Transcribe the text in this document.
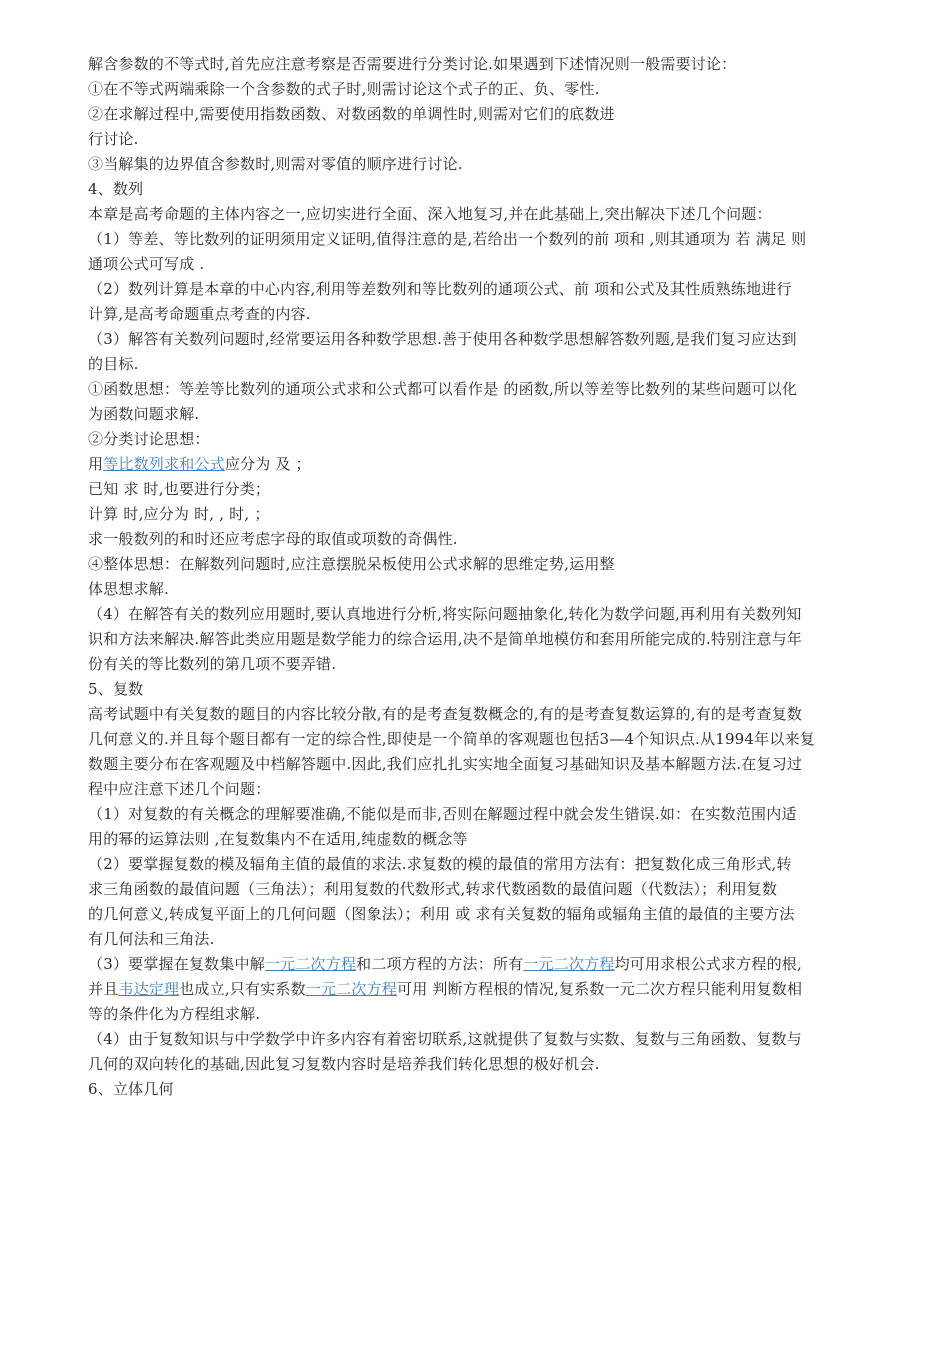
解含参数的不等式时,首先应注意考察是否需要进行分类讨论.如果遇到下述情况则一般需要讨论：
①在不等式两端乘除一个含参数的式子时,则需讨论这个式子的正、负、零性.
②在求解过程中,需要使用指数函数、对数函数的单调性时,则需对它们的底数进
行讨论.
③当解集的边界值含参数时,则需对零值的顺序进行讨论.
4、数列
本章是高考命题的主体内容之一,应切实进行全面、深入地复习,并在此基础上,突出解决下述几个问题：
（1）等差、等比数列的证明须用定义证明,值得注意的是,若给出一个数列的前 项和 ,则其通项为 若 满足 则
通项公式可写成 .
（2）数列计算是本章的中心内容,利用等差数列和等比数列的通项公式、前 项和公式及其性质熟练地进行
计算,是高考命题重点考查的内容.
（3）解答有关数列问题时,经常要运用各种数学思想.善于使用各种数学思想解答数列题,是我们复习应达到
的目标.
①函数思想：等差等比数列的通项公式求和公式都可以看作是 的函数,所以等差等比数列的某些问题可以化
为函数问题求解.
②分类讨论思想：
用等比数列求和公式应分为 及 ；
已知 求 时,也要进行分类；
计算 时,应分为 时, , 时, ；
求一般数列的和时还应考虑字母的取值或项数的奇偶性.
④整体思想：在解数列问题时,应注意摆脱呆板使用公式求解的思维定势,运用整
体思想求解.
（4）在解答有关的数列应用题时,要认真地进行分析,将实际问题抽象化,转化为数学问题,再利用有关数列知
识和方法来解决.解答此类应用题是数学能力的综合运用,决不是简单地模仿和套用所能完成的.特别注意与年
份有关的等比数列的第几项不要弄错.
5、复数
高考试题中有关复数的题目的内容比较分散,有的是考查复数概念的,有的是考查复数运算的,有的是考查复数
几何意义的.并且每个题目都有一定的综合性,即使是一个简单的客观题也包括3—4个知识点.从1994年以来复
数题主要分布在客观题及中档解答题中.因此,我们应扎扎实实地全面复习基础知识及基本解题方法.在复习过
程中应注意下述几个问题：
（1）对复数的有关概念的理解要准确,不能似是而非,否则在解题过程中就会发生错误.如：在实数范围内适
用的幂的运算法则 ,在复数集内不在适用,纯虚数的概念等
（2）要掌握复数的模及辐角主值的最值的求法.求复数的模的最值的常用方法有：把复数化成三角形式,转
求三角函数的最值问题（三角法）；利用复数的代数形式,转求代数函数的最值问题（代数法）；利用复数
的几何意义,转成复平面上的几何问题（图象法）；利用 或 求有关复数的辐角或辐角主值的最值的主要方法
有几何法和三角法.
（3）要掌握在复数集中解一元二次方程和二项方程的方法：所有一元二次方程均可用求根公式求方程的根,
并且韦达定理也成立,只有实系数一元二次方程可用 判断方程根的情况,复系数一元二次方程只能利用复数相
等的条件化为方程组求解.
（4）由于复数知识与中学数学中许多内容有着密切联系,这就提供了复数与实数、复数与三角函数、复数与
几何的双向转化的基础,因此复习复数内容时是培养我们转化思想的极好机会.
6、立体几何
